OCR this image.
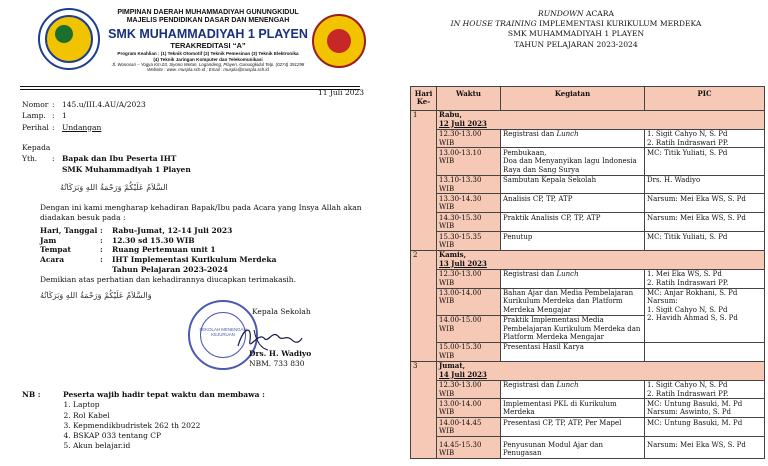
PIMPINAN DAERAH MUHAMMADIYAH GUNUNGKIDUL
MAJELIS PENDIDIKAN DASAR DAN MENENGAH
SMK MUHAMMADIYAH 1 PLAYEN
TERAKREDITASI “A”
Program Keahlian : (1) Teknik Otomotif (2) Teknik Pemesinan (3) Teknik Elektronika
(4) Teknik Jaringan Komputer dan Telekomunikasi
Jl. Wonosari – Yogya Km.03, Siyono Wetan, Logandeng, Playen, Gunungkidul Telp. (0274) 391298
Website : www. muspla.sch.id ; Email : muspla@muspla.sch.id
11 Juli 2023
Nomor : 145.u/III.4.AU/A/2023
Lamp. : 1
Perihal : Undangan
Kepada
Yth.	: Bapak dan Ibu Peserta IHT
SMK Muhammadiyah 1 Playen
السَّلاَمُ عَلَيْكُمْ وَرَحْمَةُ اللهِ وَبَرَكَاتُهُ
Dengan ini kami mengharap kehadiran Bapak/Ibu pada Acara yang Insya Allah akan diadakan besuk pada :
Hari, Tanggal :	Rabu-Jumat, 12-14 Juli 2023
Jam	:	12.30 sd 15.30 WIB
Tempat	:	Ruang Pertemuan unit 1
Acara	:	IHT Implementasi Kurikulum Merdeka
Tahun Pelajaran 2023-2024
Demikian atas perhatian dan kehadirannya diucapkan terimakasih.
وَالسَّلاَمُ عَلَيْكُمْ وَرَحْمَةُ اللهِ وَبَرَكَاتُهُ
SEKOLAH MENENGAH KEJURUAN
Kepala Sekolah
Drs. H. Wadiyo
NBM. 733 830
NB :	Peserta wajib hadir tepat waktu dan membawa :
1. Laptop
2. Rol Kabel
3. Kepmendikbudristek 262 th 2022
4. BSKAP 033 tentang CP
5. Akun belajar.id
RUNDOWN ACARA
IN HOUSE TRAINING IMPLEMENTASI KURIKULUM MERDEKA
SMK MUHAMMADIYAH 1 PLAYEN
TAHUN PELAJARAN 2023-2024
Hari Ke-	Waktu	Kegiatan	PIC
1	Rabu,
12 Juli 2023		

	12.30-13.00 WIB	Registrasi dan Lunch	1. Sigit Cahyo N, S. Pd
2. Ratih Indraswari PP.
	13.00-13.10 WIB	Pembukaan,
Doa dan Menyanyikan lagu Indonesia Raya dan Sang Surya	MC: Titik Yuliati, S. Pd
	13.10-13.30 WIB	Sambutan Kepala Sekolah	Drs. H. Wadiyo
	13.30-14.30 WIB	Analisis CP, TP, ATP	Narsum: Mei Eka WS, S. Pd
	14.30-15.30 WIB	Praktik Analisis CP, TP, ATP	Narsum: Mei Eka WS, S. Pd
	15.30-15.35 WIB	Penutup	MC: Titik Yuliati, S. Pd
2	Kamis,
13 Juli 2023		

	12.30-13.00 WIB	Registrasi dan Lunch	1. Mei Eka WS, S. Pd
2. Ratih Indraswari PP.
	13.00-14.00 WIB	Bahan Ajar dan Media Pembelajaran Kurikulum Merdeka dan Platform Merdeka Mengajar	MC: Anjar Rokhani, S. Pd
Narsum:
1. Sigit Cahyo N, S. Pd
2. Havidh Ahmad S, S. Pd
	14.00-15.00 WIB	Praktik Implementasi Media Pembelajaran Kurikulum Merdeka dan Platform Merdeka Mengajar	
	15.00-15.30 WIB	Presentasi Hasil Karya	
3	Jumat,
14 Juli 2023		

	12.30-13.00 WIB	Registrasi dan Lunch	1. Sigit Cahyo N, S. Pd
2. Ratih Indraswari PP.
	13.00-14.00 WIB	Implementasi PKL di Kurikulum Merdeka	MC: Untung Basuki, M. Pd
Narsum: Aswinto, S. Pd
	14.00-14.45 WIB	Presentasi CP, TP, ATP, Per Mapel	MC: Untung Basuki, M. Pd
	14.45-15.30 WIB	Penyusunan Modul Ajar dan Penugasan	Narsum: Mei Eka WS, S. Pd
